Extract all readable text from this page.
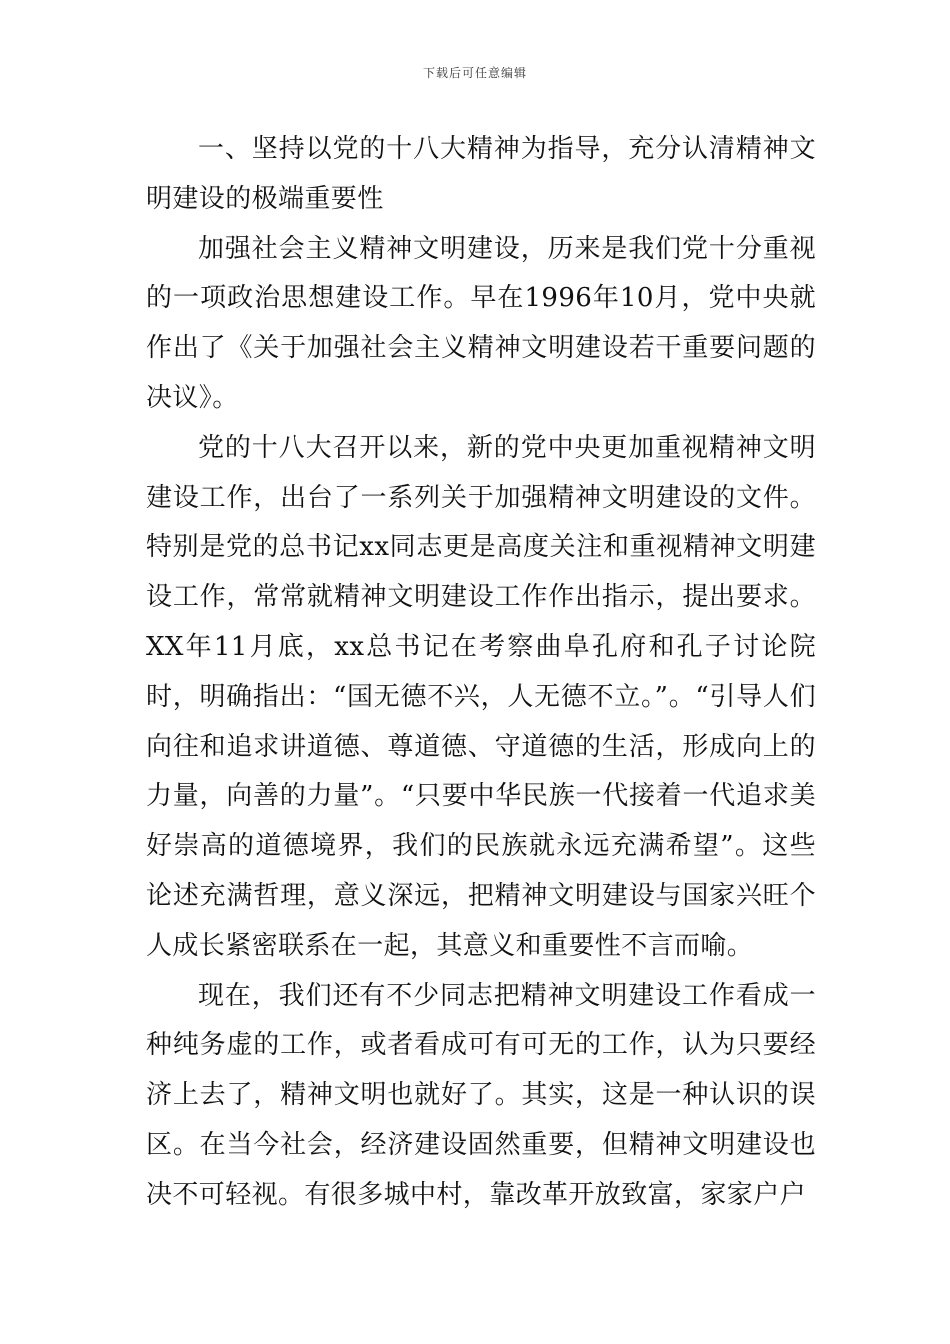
下载后可任意编辑

一、坚持以党的十八大精神为指导，充分认清精神文明建设的极端重要性

加强社会主义精神文明建设，历来是我们党十分重视的一项政治思想建设工作。早在1996年10月，党中央就作出了《关于加强社会主义精神文明建设若干重要问题的决议》。

党的十八大召开以来，新的党中央更加重视精神文明建设工作，出台了一系列关于加强精神文明建设的文件。特别是党的总书记xx同志更是高度关注和重视精神文明建设工作，常常就精神文明建设工作作出指示，提出要求。XX年11月底，xx总书记在考察曲阜孔府和孔子讨论院时，明确指出：“国无德不兴，人无德不立。”。“引导人们向往和追求讲道德、尊道德、守道德的生活，形成向上的力量，向善的力量”。“只要中华民族一代接着一代追求美好崇高的道德境界，我们的民族就永远充满希望”。这些论述充满哲理，意义深远，把精神文明建设与国家兴旺个人成长紧密联系在一起，其意义和重要性不言而喻。

现在，我们还有不少同志把精神文明建设工作看成一种纯务虚的工作，或者看成可有可无的工作，认为只要经济上去了，精神文明也就好了。其实，这是一种认识的误区。在当今社会，经济建设固然重要，但精神文明建设也决不可轻视。有很多城中村，靠改革开放致富，家家户户
